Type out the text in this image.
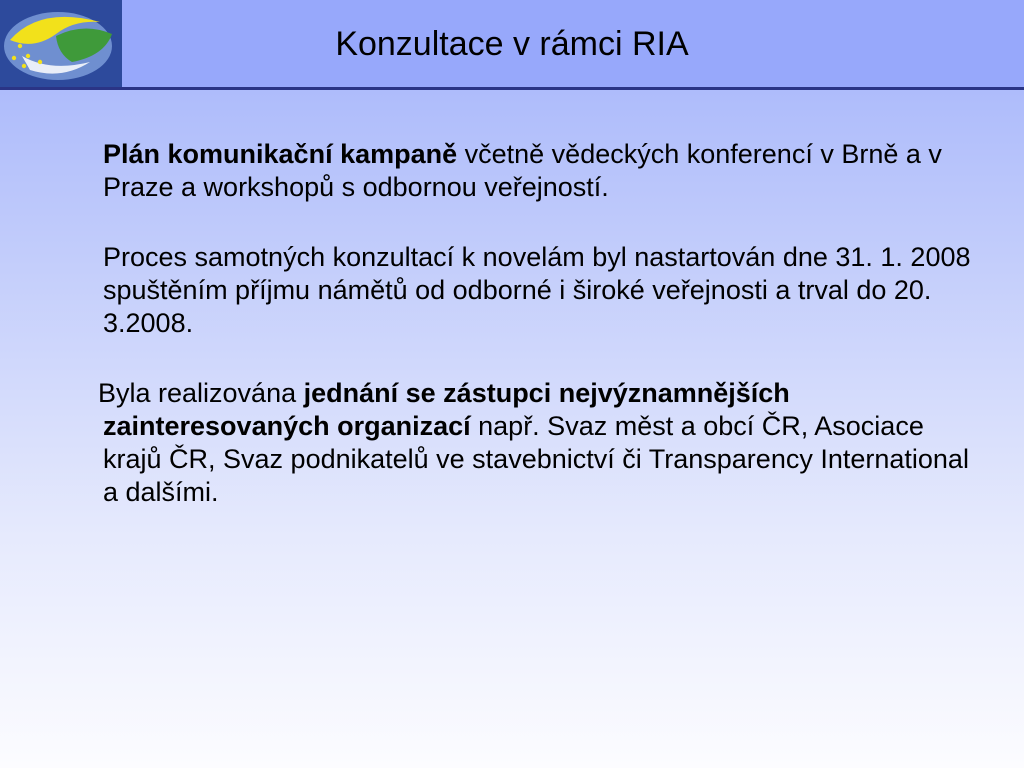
Konzultace v rámci RIA

Plán komunikační kampaně včetně vědeckých konferencí v Brně a v Praze a workshopů s odbornou veřejností.

Proces samotných konzultací k novelám byl nastartován dne 31. 1. 2008 spuštěním příjmu námětů od odborné i široké veřejnosti a trval do 20. 3.2008.

Byla realizována jednání se zástupci nejvýznamnějších zainteresovaných organizací např. Svaz měst a obcí ČR, Asociace krajů ČR, Svaz podnikatelů ve stavebnictví či Transparency International a dalšími.
